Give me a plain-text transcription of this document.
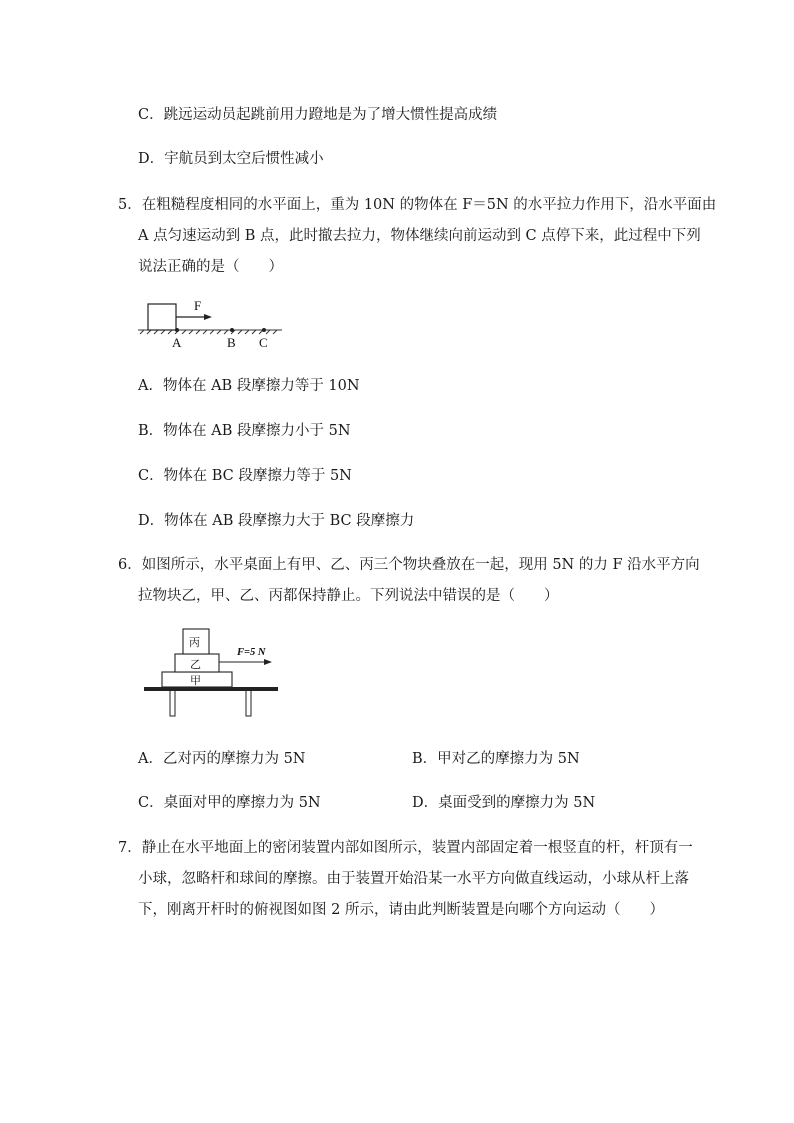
C．跳远运动员起跳前用力蹬地是为了增大惯性提高成绩
D．宇航员到太空后惯性减小
5．在粗糙程度相同的水平面上，重为 10N 的物体在 F＝5N 的水平拉力作用下，沿水平面由
A 点匀速运动到 B 点，此时撤去拉力，物体继续向前运动到 C 点停下来，此过程中下列
说法正确的是（　　）
F
A	B C
A．物体在 AB 段摩擦力等于 10N
B．物体在 AB 段摩擦力小于 5N
C．物体在 BC 段摩擦力等于 5N
D．物体在 AB 段摩擦力大于 BC 段摩擦力
6．如图所示，水平桌面上有甲、乙、丙三个物块叠放在一起，现用 5N 的力 F 沿水平方向
拉物块乙，甲、乙、丙都保持静止。下列说法中错误的是（　　）
丙
乙
甲
F=5 N
A．乙对丙的摩擦力为 5N	B．甲对乙的摩擦力为 5N
C．桌面对甲的摩擦力为 5N	D．桌面受到的摩擦力为 5N
7．静止在水平地面上的密闭装置内部如图所示，装置内部固定着一根竖直的杆，杆顶有一
小球，忽略杆和球间的摩擦。由于装置开始沿某一水平方向做直线运动，小球从杆上落
下，刚离开杆时的俯视图如图 2 所示，请由此判断装置是向哪个方向运动（　　）
